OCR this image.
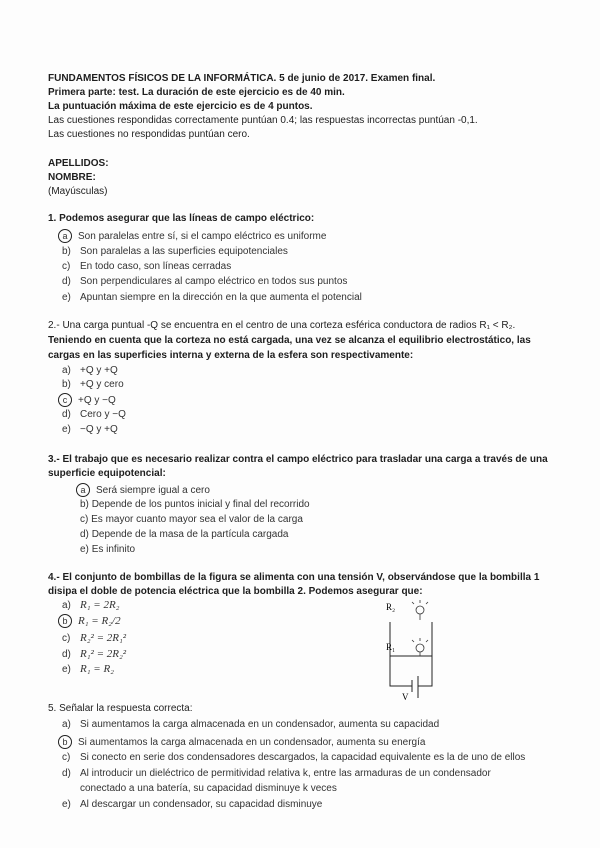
FUNDAMENTOS FÍSICOS DE LA INFORMÁTICA. 5 de junio de 2017. Examen final.
Primera parte: test. La duración de este ejercicio es de 40 min.
La puntuación máxima de este ejercicio es de 4 puntos.
Las cuestiones respondidas correctamente puntúan 0.4; las respuestas incorrectas puntúan -0,1.
Las cuestiones no respondidas puntúan cero.
APELLIDOS:
NOMBRE:
(Mayúsculas)
1. Podemos asegurar que las líneas de campo eléctrico:
a Son paralelas entre sí, si el campo eléctrico es uniforme
b) Son paralelas a las superficies equipotenciales
c) En todo caso, son líneas cerradas
d) Son perpendiculares al campo eléctrico en todos sus puntos
e) Apuntan siempre en la dirección en la que aumenta el potencial
2.- Una carga puntual -Q se encuentra en el centro de una corteza esférica conductora de radios R₁ < R₂.
Teniendo en cuenta que la corteza no está cargada, una vez se alcanza el equilibrio electrostático, las
cargas en las superficies interna y externa de la esfera son respectivamente:
a) +Q y +Q
b) +Q y cero
c +Q y −Q
d) Cero y −Q
e) −Q y +Q
3.- El trabajo que es necesario realizar contra el campo eléctrico para trasladar una carga a través de una
superficie equipotencial:
a Será siempre igual a cero
b) Depende de los puntos inicial y final del recorrido
c) Es mayor cuanto mayor sea el valor de la carga
d) Depende de la masa de la partícula cargada
e) Es infinito
4.- El conjunto de bombillas de la figura se alimenta con una tensión V, observándose que la bombilla 1
disipa el doble de potencia eléctrica que la bombilla 2. Podemos asegurar que:
a) R₁ = 2R₂
b R₁ = R₂/2
c) R₂² = 2R₁²
d) R₁² = 2R₂²
e) R₁ = R₂
R₂
R₁
V
5. Señalar la respuesta correcta:
a) Si aumentamos la carga almacenada en un condensador, aumenta su capacidad
b Si aumentamos la carga almacenada en un condensador, aumenta su energía
c) Si conecto en serie dos condensadores descargados, la capacidad equivalente es la de uno de ellos
d) Al introducir un dieléctrico de permitividad relativa k, entre las armaduras de un condensador
conectado a una batería, su capacidad disminuye k veces
e) Al descargar un condensador, su capacidad disminuye
